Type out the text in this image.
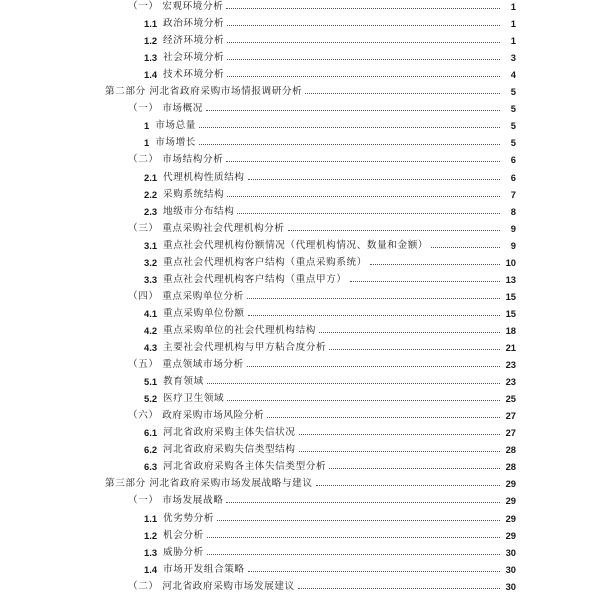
（一） 宏观环境分析	1
1.1 政治环境分析	1
1.2 经济环境分析	1
1.3 社会环境分析	3
1.4 技术环境分析	4
第二部分 河北省政府采购市场情报调研分析	5
（一） 市场概况	5
1 市场总量	5
1 市场增长	5
（二） 市场结构分析	6
2.1 代理机构性质结构	6
2.2 采购系统结构	7
2.3 地级市分布结构	8
（三） 重点采购社会代理机构分析	9
3.1 重点社会代理机构份额情况（代理机构情况、数量和金额）	9
3.2 重点社会代理机构客户结构（重点采购系统）	10
3.3 重点社会代理机构客户结构（重点甲方）	13
（四） 重点采购单位分析	15
4.1 重点采购单位份额	15
4.2 重点采购单位的社会代理机构结构	18
4.3 主要社会代理机构与甲方粘合度分析	21
（五） 重点领域市场分析	23
5.1 教育领域	23
5.2 医疗卫生领域	25
（六） 政府采购市场风险分析	27
6.1 河北省政府采购主体失信状况	27
6.2 河北省政府采购失信类型结构	28
6.3 河北省政府采购各主体失信类型分析	28
第三部分 河北省政府采购市场发展战略与建议	29
（一） 市场发展战略	29
1.1 优劣势分析	29
1.2 机会分析	29
1.3 威胁分析	30
1.4 市场开发组合策略	30
（二） 河北省政府采购市场发展建议	30
